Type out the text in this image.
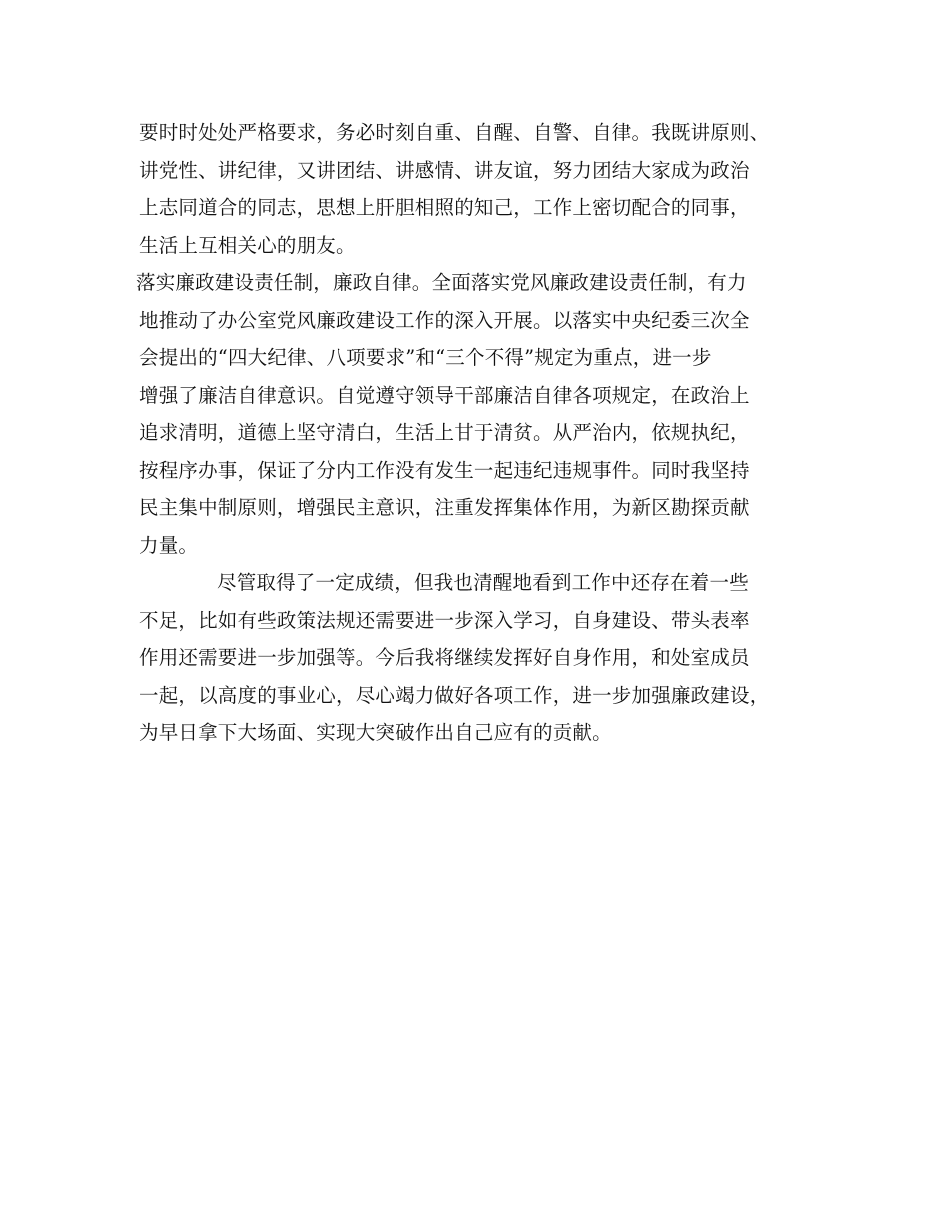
要时时处处严格要求，务必时刻自重、自醒、自警、自律。我既讲原则、
讲党性、讲纪律，又讲团结、讲感情、讲友谊，努力团结大家成为政治
上志同道合的同志，思想上肝胆相照的知己，工作上密切配合的同事，
生活上互相关心的朋友。
落实廉政建设责任制，廉政自律。全面落实党风廉政建设责任制，有力
地推动了办公室党风廉政建设工作的深入开展。以落实中央纪委三次全
会提出的“四大纪律、八项要求”和“三个不得”规定为重点，进一步
增强了廉洁自律意识。自觉遵守领导干部廉洁自律各项规定，在政治上
追求清明，道德上坚守清白，生活上甘于清贫。从严治内，依规执纪，
按程序办事，保证了分内工作没有发生一起违纪违规事件。同时我坚持
民主集中制原则，增强民主意识，注重发挥集体作用，为新区勘探贡献
力量。
尽管取得了一定成绩，但我也清醒地看到工作中还存在着一些
不足，比如有些政策法规还需要进一步深入学习，自身建设、带头表率
作用还需要进一步加强等。今后我将继续发挥好自身作用，和处室成员
一起，以高度的事业心，尽心竭力做好各项工作，进一步加强廉政建设，
为早日拿下大场面、实现大突破作出自己应有的贡献。
